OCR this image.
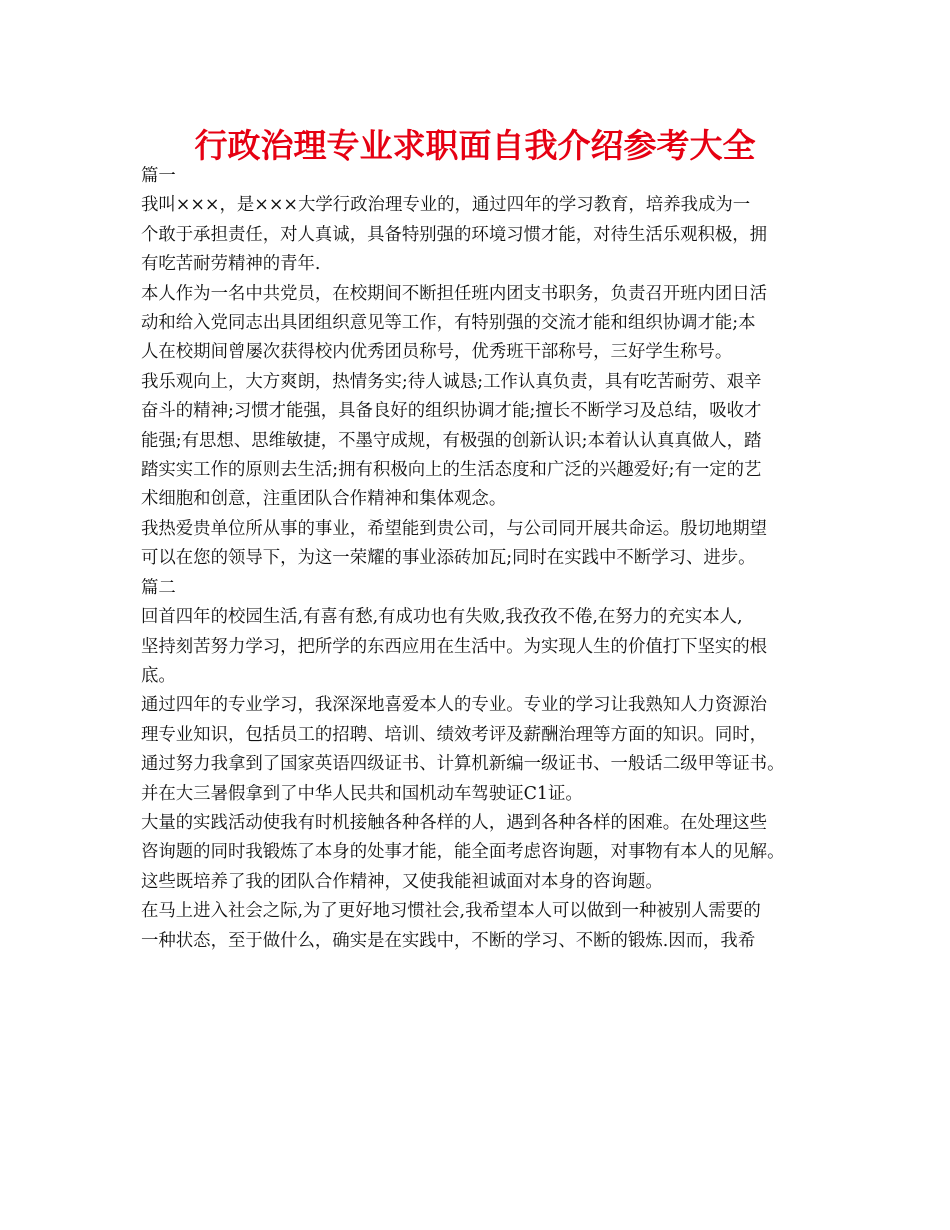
行政治理专业求职面自我介绍参考大全

篇一

我叫×××，是×××大学行政治理专业的，通过四年的学习教育，培养我成为一

个敢于承担责任，对人真诚，具备特别强的环境习惯才能，对待生活乐观积极，拥

有吃苦耐劳精神的青年.

本人作为一名中共党员，在校期间不断担任班内团支书职务，负责召开班内团日活

动和给入党同志出具团组织意见等工作，有特别强的交流才能和组织协调才能;本

人在校期间曾屡次获得校内优秀团员称号，优秀班干部称号，三好学生称号。

我乐观向上，大方爽朗，热情务实;待人诚恳;工作认真负责，具有吃苦耐劳、艰辛

奋斗的精神;习惯才能强，具备良好的组织协调才能;擅长不断学习及总结，吸收才

能强;有思想、思维敏捷，不墨守成规，有极强的创新认识;本着认认真真做人，踏

踏实实工作的原则去生活;拥有积极向上的生活态度和广泛的兴趣爱好;有一定的艺

术细胞和创意，注重团队合作精神和集体观念。

我热爱贵单位所从事的事业，希望能到贵公司，与公司同开展共命运。殷切地期望

可以在您的领导下，为这一荣耀的事业添砖加瓦;同时在实践中不断学习、进步。

篇二

回首四年的校园生活,有喜有愁,有成功也有失败,我孜孜不倦,在努力的充实本人,

坚持刻苦努力学习，把所学的东西应用在生活中。为实现人生的价值打下坚实的根

底。

通过四年的专业学习，我深深地喜爱本人的专业。专业的学习让我熟知人力资源治

理专业知识，包括员工的招聘、培训、绩效考评及薪酬治理等方面的知识。同时，

通过努力我拿到了国家英语四级证书、计算机新编一级证书、一般话二级甲等证书。

并在大三暑假拿到了中华人民共和国机动车驾驶证C1证。

大量的实践活动使我有时机接触各种各样的人，遇到各种各样的困难。在处理这些

咨询题的同时我锻炼了本身的处事才能，能全面考虑咨询题，对事物有本人的见解。

这些既培养了我的团队合作精神，又使我能袒诚面对本身的咨询题。

在马上进入社会之际,为了更好地习惯社会,我希望本人可以做到一种被别人需要的

一种状态，至于做什么，确实是在实践中，不断的学习、不断的锻炼.因而，我希
